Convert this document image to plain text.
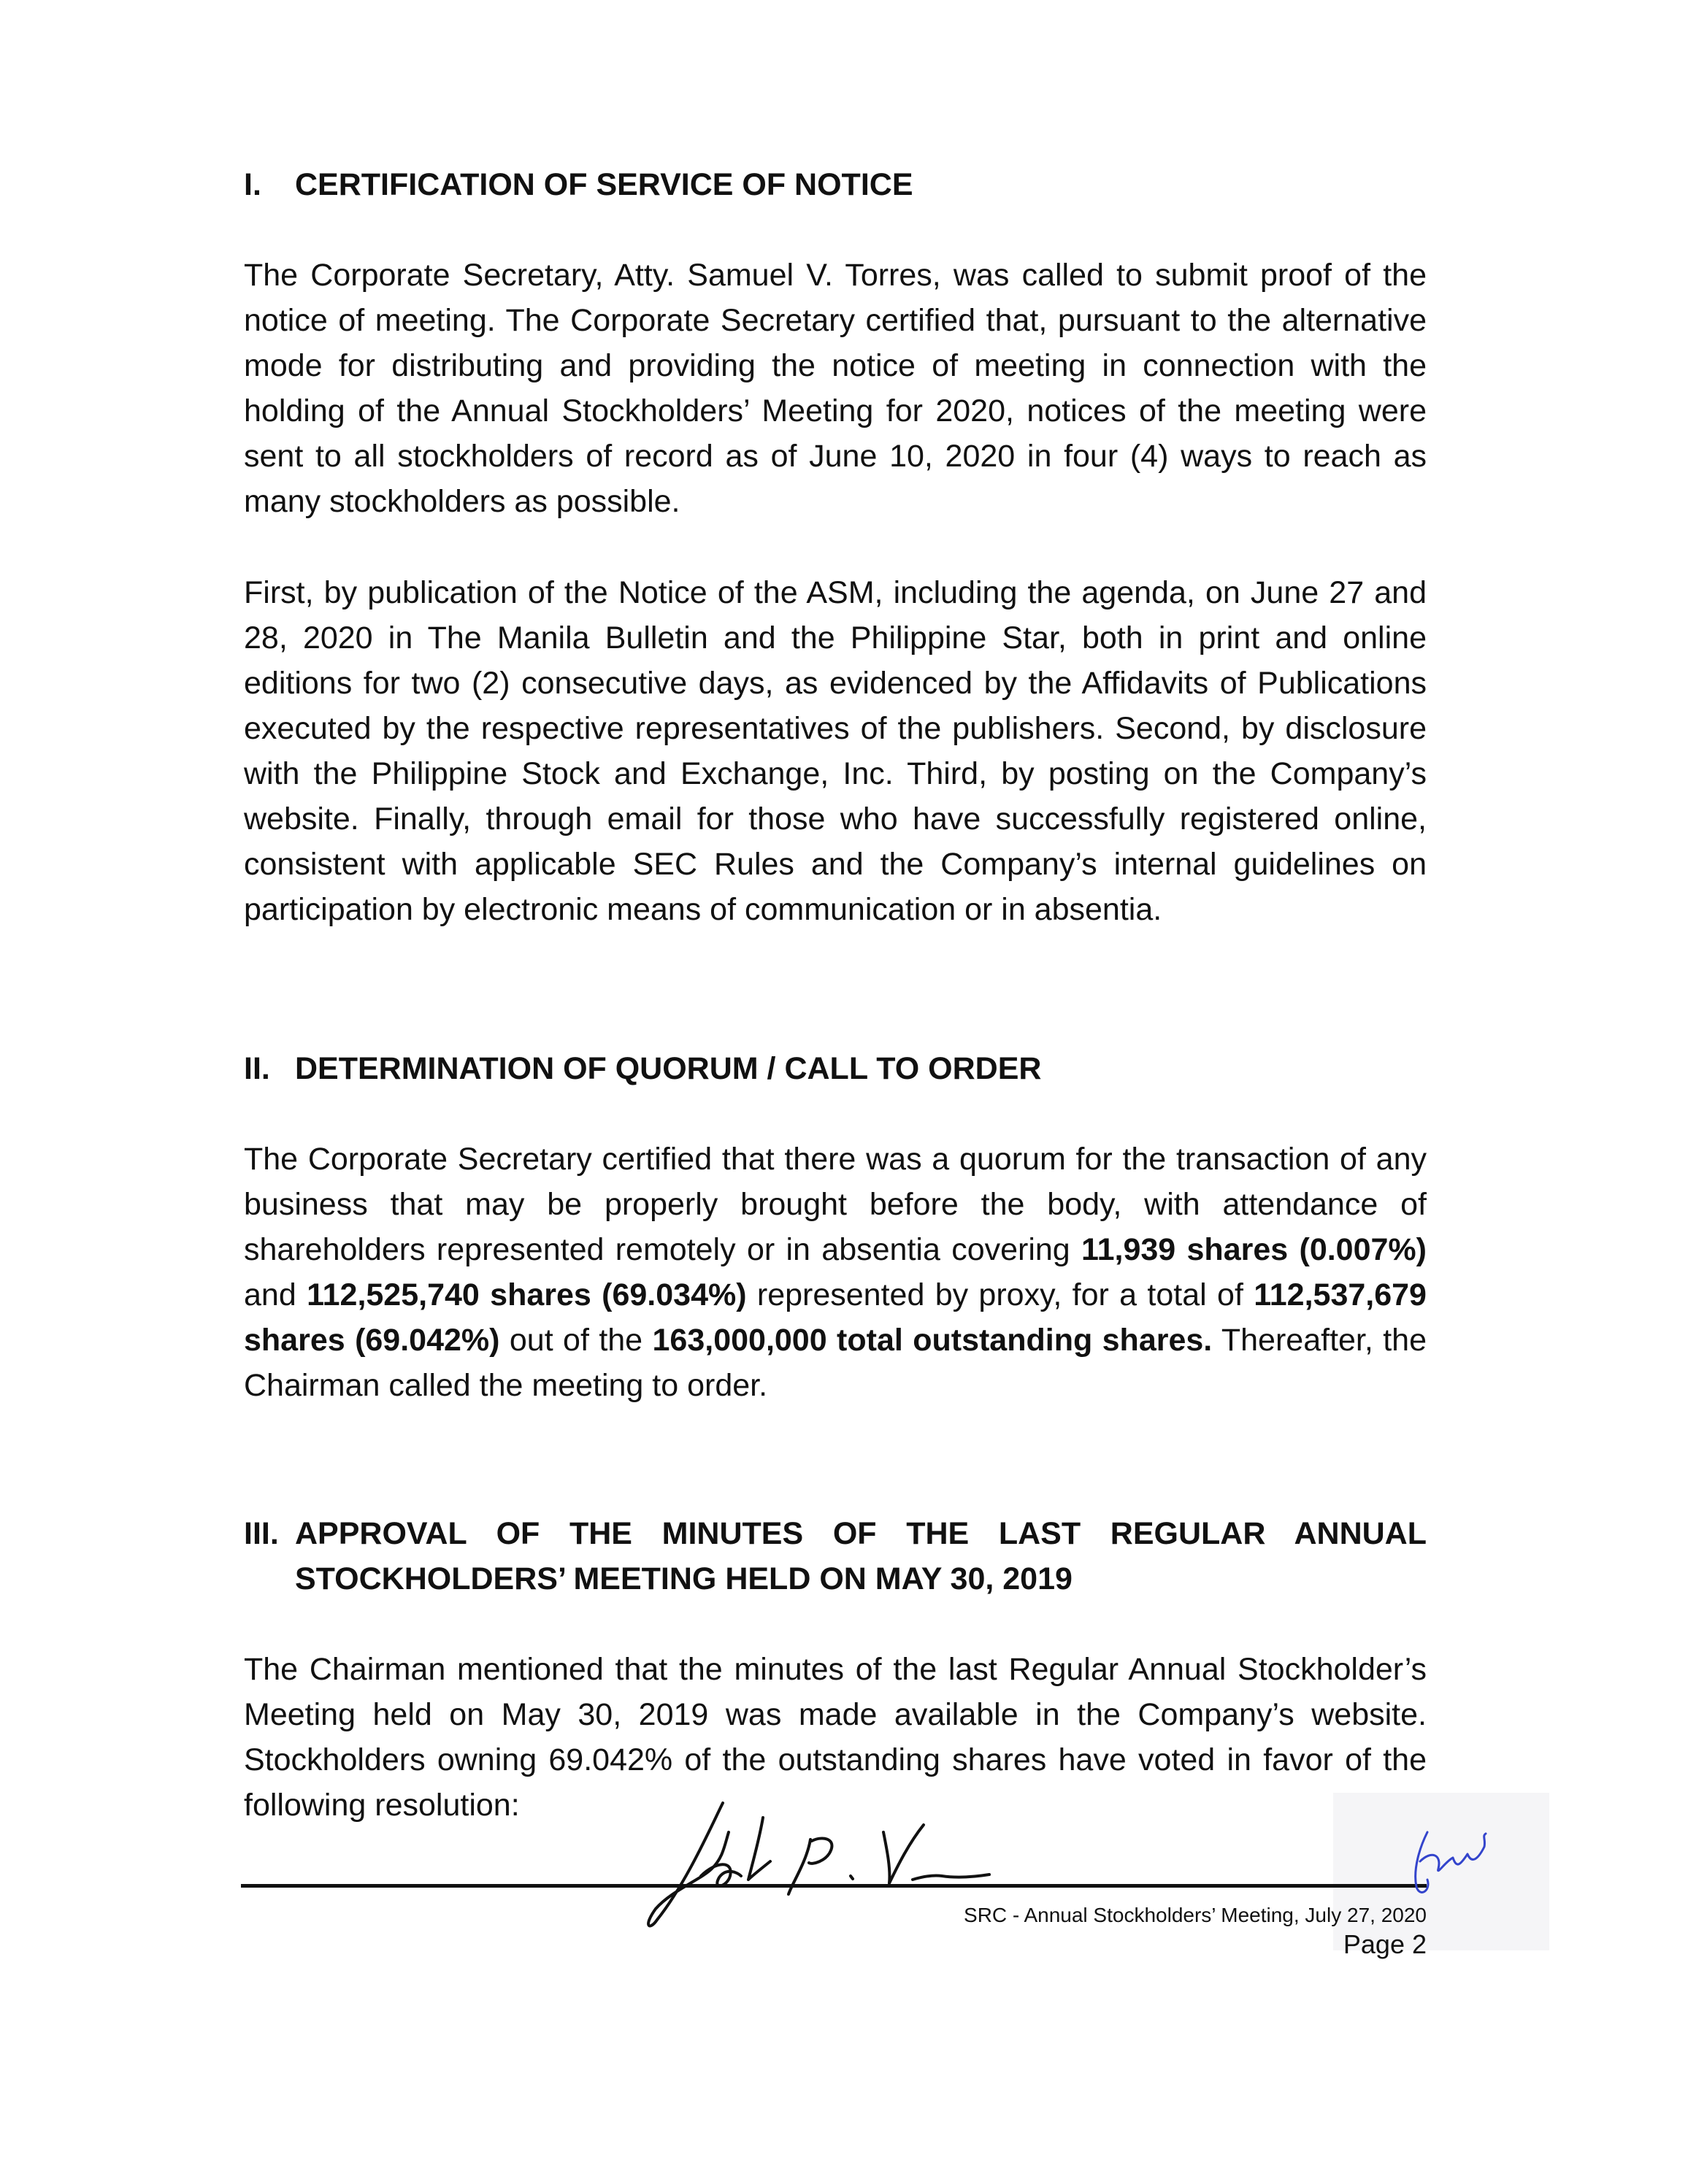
I. CERTIFICATION OF SERVICE OF NOTICE

The Corporate Secretary, Atty. Samuel V. Torres, was called to submit proof of the notice of meeting. The Corporate Secretary certified that, pursuant to the alternative mode for distributing and providing the notice of meeting in connection with the holding of the Annual Stockholders’ Meeting for 2020, notices of the meeting were sent to all stockholders of record as of June 10, 2020 in four (4) ways to reach as many stockholders as possible.

First, by publication of the Notice of the ASM, including the agenda, on June 27 and 28, 2020 in The Manila Bulletin and the Philippine Star, both in print and online editions for two (2) consecutive days, as evidenced by the Affidavits of Publications executed by the respective representatives of the publishers. Second, by disclosure with the Philippine Stock and Exchange, Inc. Third, by posting on the Company’s website. Finally, through email for those who have successfully registered online, consistent with applicable SEC Rules and the Company’s internal guidelines on participation by electronic means of communication or in absentia.

II. DETERMINATION OF QUORUM / CALL TO ORDER

The Corporate Secretary certified that there was a quorum for the transaction of any business that may be properly brought before the body, with attendance of shareholders represented remotely or in absentia covering 11,939 shares (0.007%) and 112,525,740 shares (69.034%) represented by proxy, for a total of 112,537,679 shares (69.042%) out of the 163,000,000 total outstanding shares. Thereafter, the Chairman called the meeting to order.

III. APPROVAL OF THE MINUTES OF THE LAST REGULAR ANNUAL
STOCKHOLDERS’ MEETING HELD ON MAY 30, 2019

The Chairman mentioned that the minutes of the last Regular Annual Stockholder’s Meeting held on May 30, 2019 was made available in the Company’s website. Stockholders owning 69.042% of the outstanding shares have voted in favor of the following resolution:

SRC - Annual Stockholders’ Meeting, July 27, 2020
Page 2
